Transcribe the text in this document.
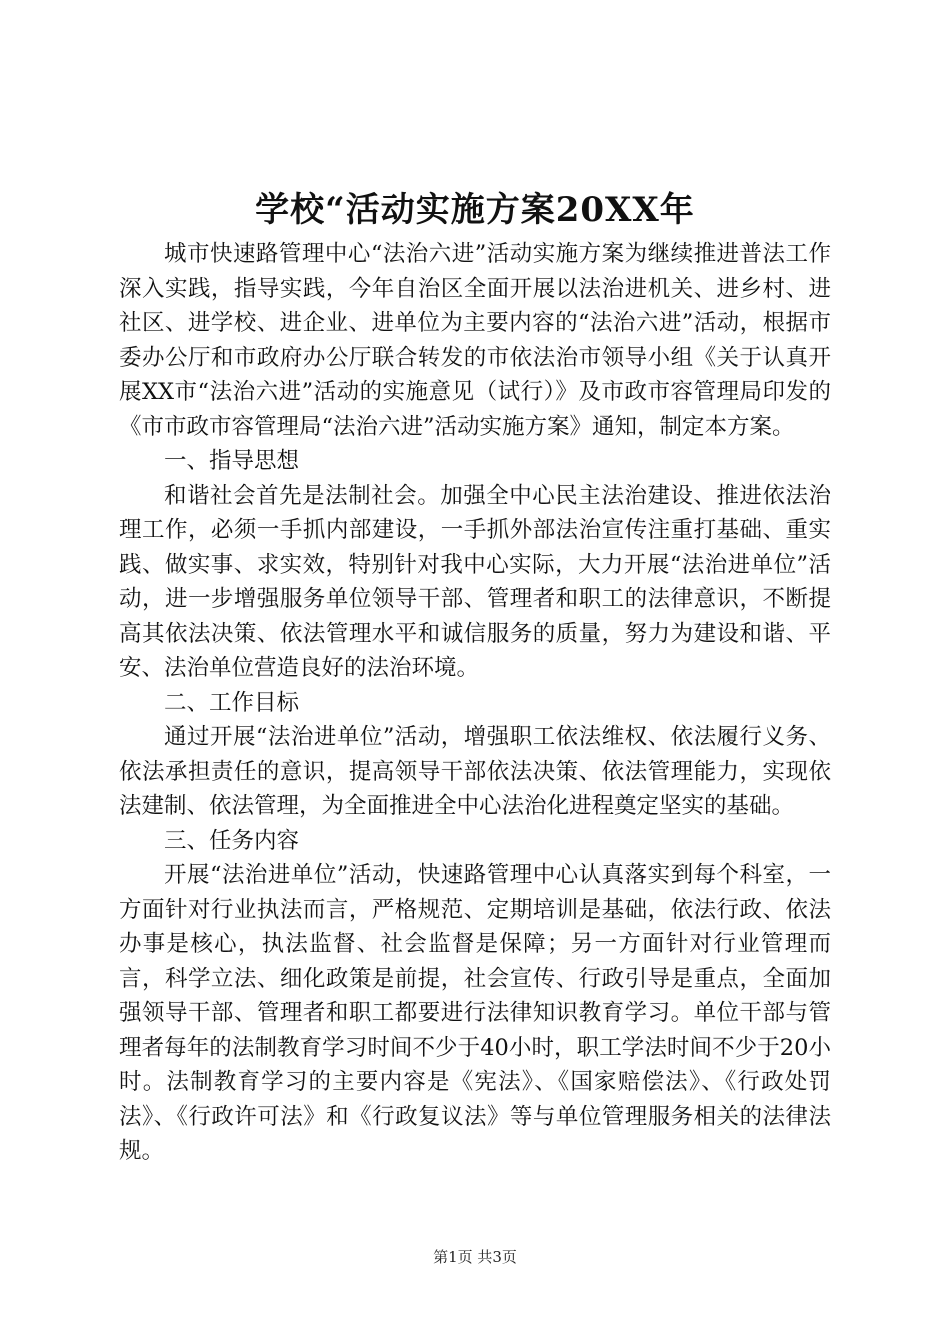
学校“活动实施方案20XX年

城市快速路管理中心“法治六进”活动实施方案为继续推进普法工作深入实践，指导实践，今年自治区全面开展以法治进机关、进乡村、进社区、进学校、进企业、进单位为主要内容的“法治六进”活动，根据市委办公厅和市政府办公厅联合转发的市依法治市领导小组《关于认真开展XX市“法治六进”活动的实施意见（试行）》及市政市容管理局印发的《市市政市容管理局“法治六进”活动实施方案》通知，制定本方案。

一、指导思想

和谐社会首先是法制社会。加强全中心民主法治建设、推进依法治理工作，必须一手抓内部建设，一手抓外部法治宣传注重打基础、重实践、做实事、求实效，特别针对我中心实际，大力开展“法治进单位”活动，进一步增强服务单位领导干部、管理者和职工的法律意识，不断提高其依法决策、依法管理水平和诚信服务的质量，努力为建设和谐、平安、法治单位营造良好的法治环境。

二、工作目标

通过开展“法治进单位”活动，增强职工依法维权、依法履行义务、依法承担责任的意识，提高领导干部依法决策、依法管理能力，实现依法建制、依法管理，为全面推进全中心法治化进程奠定坚实的基础。

三、任务内容

开展“法治进单位”活动，快速路管理中心认真落实到每个科室，一方面针对行业执法而言，严格规范、定期培训是基础，依法行政、依法办事是核心，执法监督、社会监督是保障；另一方面针对行业管理而言，科学立法、细化政策是前提，社会宣传、行政引导是重点，全面加强领导干部、管理者和职工都要进行法律知识教育学习。单位干部与管理者每年的法制教育学习时间不少于40小时，职工学法时间不少于20小时。法制教育学习的主要内容是《宪法》、《国家赔偿法》、《行政处罚法》、《行政许可法》和《行政复议法》等与单位管理服务相关的法律法规。

第1页 共3页
